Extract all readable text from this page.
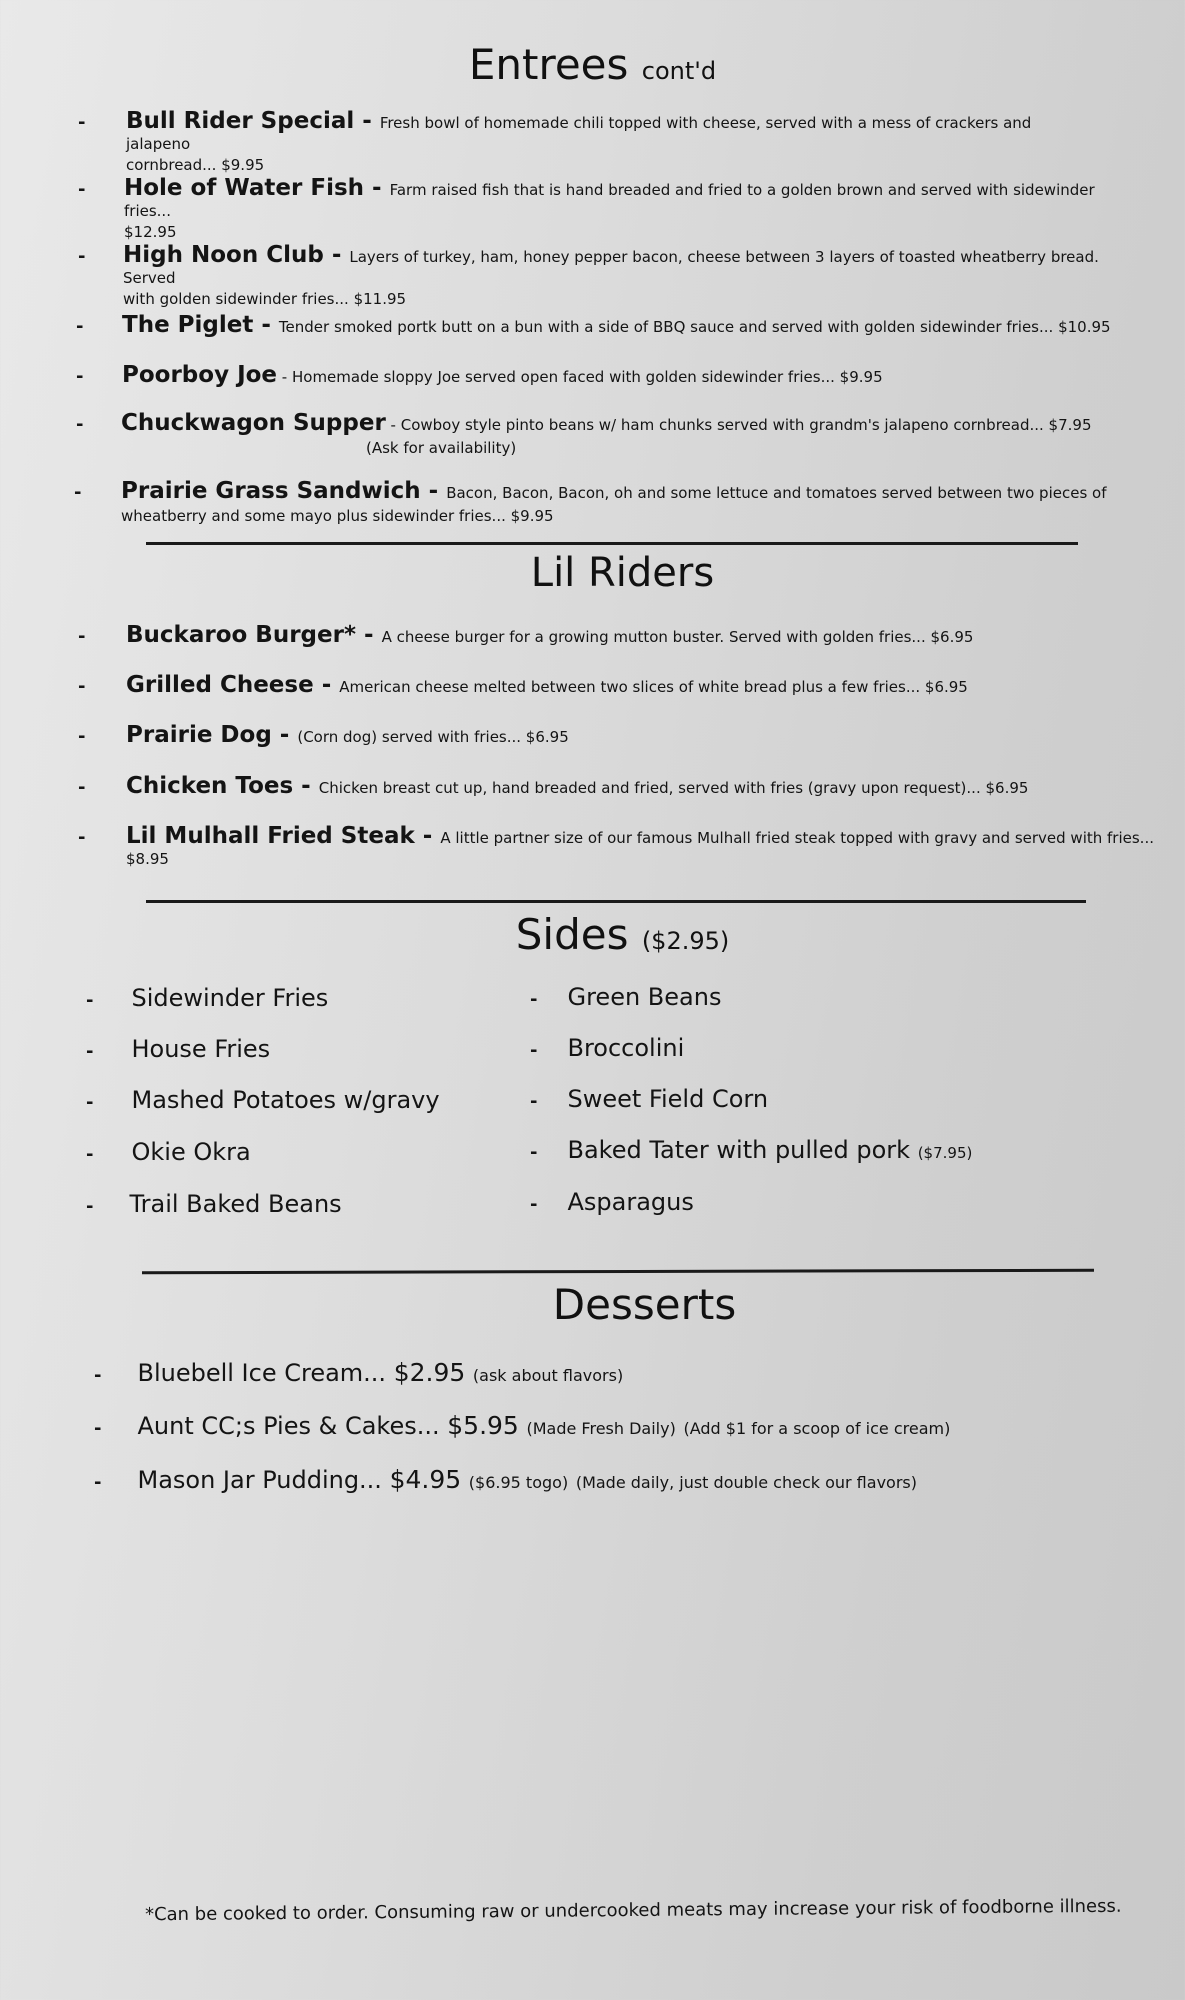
Entrees cont'd
- Bull Rider Special - Fresh bowl of homemade chili topped with cheese, served with a mess of crackers and jalapeno
cornbread... $9.95
- Hole of Water Fish - Farm raised fish that is hand breaded and fried to a golden brown and served with sidewinder fries...
$12.95
- High Noon Club - Layers of turkey, ham, honey pepper bacon, cheese between 3 layers of toasted wheatberry bread. Served
with golden sidewinder fries... $11.95
- The Piglet - Tender smoked portk butt on a bun with a side of BBQ sauce and served with golden sidewinder fries... $10.95
- Poorboy Joe - Homemade sloppy Joe served open faced with golden sidewinder fries... $9.95
- Chuckwagon Supper - Cowboy style pinto beans w/ ham chunks served with grandm's jalapeno cornbread... $7.95
(Ask for availability)
- Prairie Grass Sandwich - Bacon, Bacon, Bacon, oh and some lettuce and tomatoes served between two pieces of
wheatberry and some mayo plus sidewinder fries... $9.95
Lil Riders
- Buckaroo Burger* - A cheese burger for a growing mutton buster. Served with golden fries... $6.95
- Grilled Cheese - American cheese melted between two slices of white bread plus a few fries... $6.95
- Prairie Dog - (Corn dog) served with fries... $6.95
- Chicken Toes - Chicken breast cut up, hand breaded and fried, served with fries (gravy upon request)... $6.95
- Lil Mulhall Fried Steak - A little partner size of our famous Mulhall fried steak topped with gravy and served with fries... $8.95
Sides ($2.95)
- Sidewinder Fries
- House Fries
- Mashed Potatoes w/gravy
- Okie Okra
- Trail Baked Beans
- Green Beans
- Broccolini
- Sweet Field Corn
- Baked Tater with pulled pork ($7.95)
- Asparagus
Desserts
- Bluebell Ice Cream... $2.95 (ask about flavors)
- Aunt CC;s Pies & Cakes... $5.95 (Made Fresh Daily) (Add $1 for a scoop of ice cream)
- Mason Jar Pudding... $4.95 ($6.95 togo) (Made daily, just double check our flavors)
*Can be cooked to order. Consuming raw or undercooked meats may increase your risk of foodborne illness.
